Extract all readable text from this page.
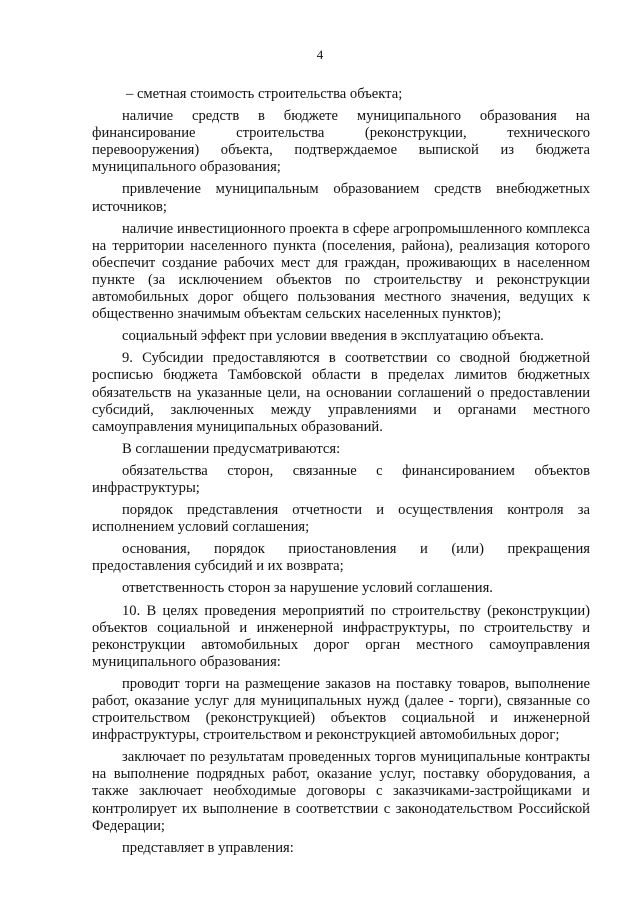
4

– сметная стоимость строительства объекта;

наличие средств в бюджете муниципального образования на финансирование строительства (реконструкции, технического перевооружения) объекта, подтверждаемое выпиской из бюджета муниципального образования;

привлечение муниципальным образованием средств внебюджетных источников;

наличие инвестиционного проекта в сфере агропромышленного комплекса на территории населенного пункта (поселения, района), реализация которого обеспечит создание рабочих мест для граждан, проживающих в населенном пункте (за исключением объектов по строительству и реконструкции автомобильных дорог общего пользования местного значения, ведущих к общественно значимым объектам сельских населенных пунктов);

социальный эффект при условии введения в эксплуатацию объекта.

9. Субсидии предоставляются в соответствии со сводной бюджетной росписью бюджета Тамбовской области в пределах лимитов бюджетных обязательств на указанные цели, на основании соглашений о предоставлении субсидий, заключенных между управлениями и органами местного самоуправления муниципальных образований.

В соглашении предусматриваются:

обязательства сторон, связанные с финансированием объектов инфраструктуры;

порядок представления отчетности и осуществления контроля за исполнением условий соглашения;

основания, порядок приостановления и (или) прекращения предоставления субсидий и их возврата;

ответственность сторон за нарушение условий соглашения.

10. В целях проведения мероприятий по строительству (реконструкции) объектов социальной и инженерной инфраструктуры, по строительству и реконструкции автомобильных дорог орган местного самоуправления муниципального образования:

проводит торги на размещение заказов на поставку товаров, выполнение работ, оказание услуг для муниципальных нужд (далее - торги), связанные со строительством (реконструкцией) объектов социальной и инженерной инфраструктуры, строительством и реконструкцией автомобильных дорог;

заключает по результатам проведенных торгов муниципальные контракты на выполнение подрядных работ, оказание услуг, поставку оборудования, а также заключает необходимые договоры с заказчиками-застройщиками и контролирует их выполнение в соответствии с законодательством Российской Федерации;

представляет в управления:
